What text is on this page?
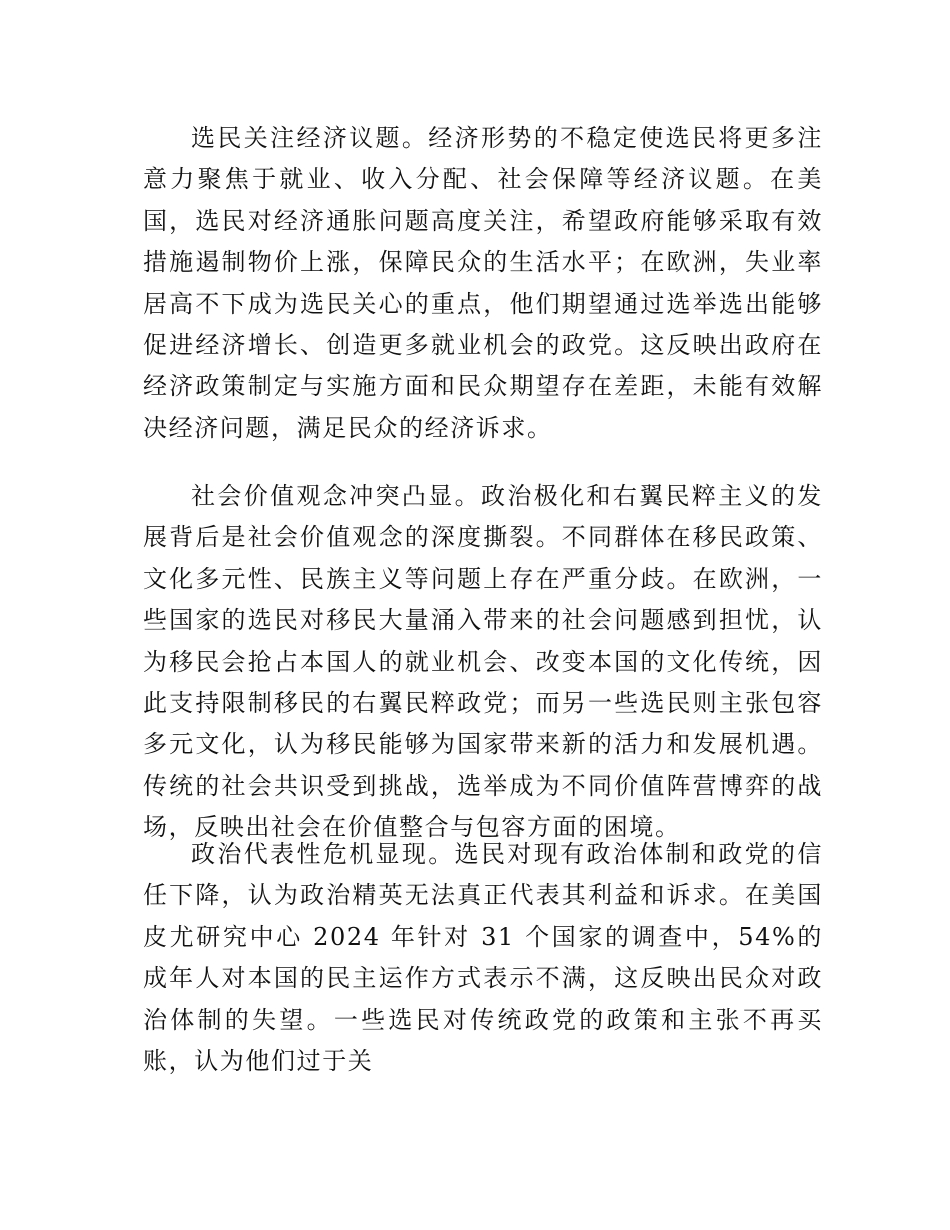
选民关注经济议题。经济形势的不稳定使选民将更多注意力聚焦于就业、收入分配、社会保障等经济议题。在美国，选民对经济通胀问题高度关注，希望政府能够采取有效措施遏制物价上涨，保障民众的生活水平；在欧洲，失业率居高不下成为选民关心的重点，他们期望通过选举选出能够促进经济增长、创造更多就业机会的政党。这反映出政府在经济政策制定与实施方面和民众期望存在差距，未能有效解决经济问题，满足民众的经济诉求。

社会价值观念冲突凸显。政治极化和右翼民粹主义的发展背后是社会价值观念的深度撕裂。不同群体在移民政策、文化多元性、民族主义等问题上存在严重分歧。在欧洲，一些国家的选民对移民大量涌入带来的社会问题感到担忧，认为移民会抢占本国人的就业机会、改变本国的文化传统，因此支持限制移民的右翼民粹政党；而另一些选民则主张包容多元文化，认为移民能够为国家带来新的活力和发展机遇。传统的社会共识受到挑战，选举成为不同价值阵营博弈的战场，反映出社会在价值整合与包容方面的困境。

政治代表性危机显现。选民对现有政治体制和政党的信任下降，认为政治精英无法真正代表其利益和诉求。在美国皮尤研究中心 2024 年针对 31 个国家的调查中，54%的成年人对本国的民主运作方式表示不满，这反映出民众对政治体制的失望。一些选民对传统政党的政策和主张不再买账，认为他们过于关
